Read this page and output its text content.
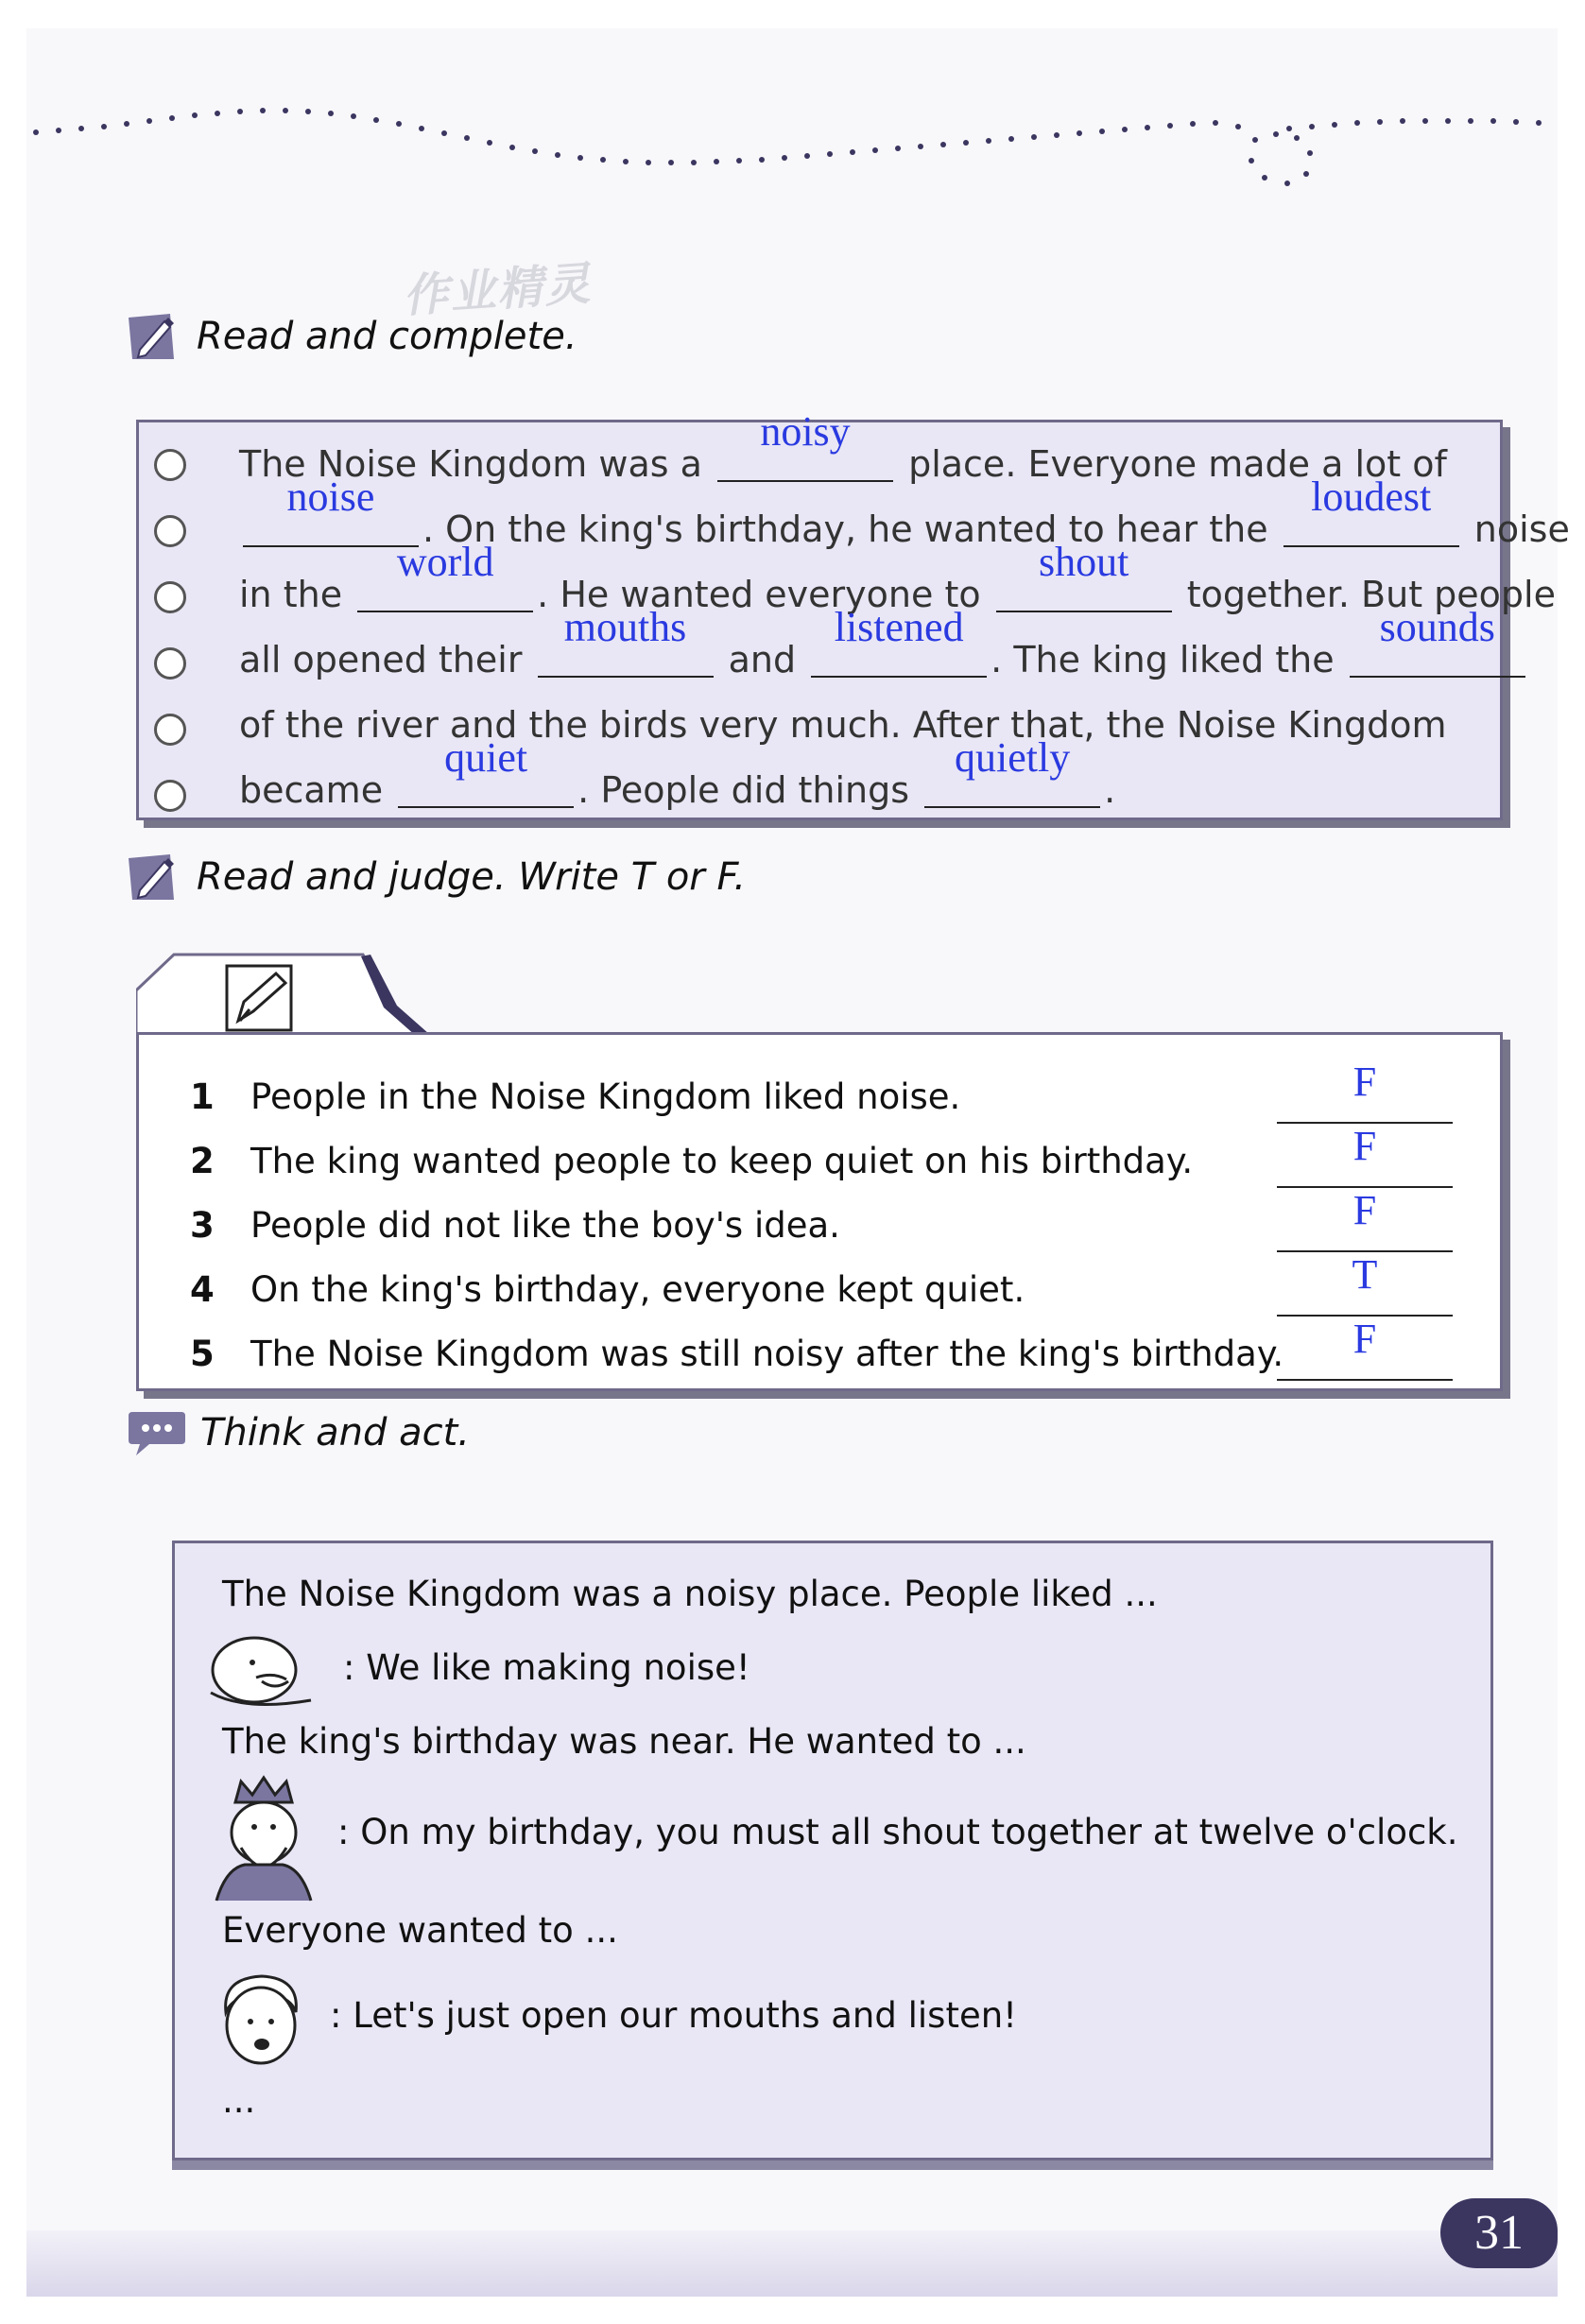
作业精灵
Read and complete.
The Noise Kingdom was a
noisy
place. Everyone made a lot of
noise
. On the king's birthday, he wanted to hear the
loudest
noise
in the
world
. He wanted everyone to
shout
together. But people
all opened their
mouths
and
listened
. The king liked the
sounds
of the river and the birds very much. After that, the Noise Kingdom
became
quiet
. People did things
quietly
.
Read and judge. Write T or F.
1 People in the Noise Kingdom liked noise.	F
2 The king wanted people to keep quiet on his birthday.	F
3 People did not like the boy's idea.	F
4 On the king's birthday, everyone kept quiet.	T
5 The Noise Kingdom was still noisy after the king's birthday.	F
Think and act.
The Noise Kingdom was a noisy place. People liked ...
: We like making noise!
The king's birthday was near. He wanted to ...
: On my birthday, you must all shout together at twelve o'clock.
Everyone wanted to ...
: Let's just open our mouths and listen!
...
31
